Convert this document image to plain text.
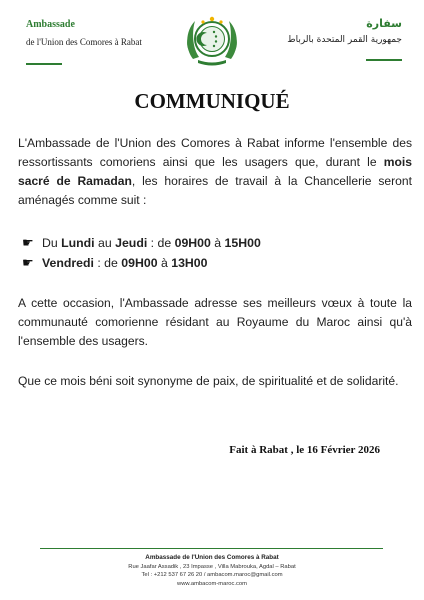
Ambassade
de l'Union des Comores à Rabat
سفارة
جمهورية القمر المتحدة بالرباط
COMMUNIQUÉ
L'Ambassade de l'Union des Comores à Rabat informe l'ensemble des ressortissants comoriens ainsi que les usagers que, durant le mois sacré de Ramadan, les horaires de travail à la Chancellerie seront aménagés comme suit :
☛ Du Lundi au Jeudi : de 09H00 à 15H00
☛ Vendredi : de 09H00 à 13H00
A cette occasion, l'Ambassade adresse ses meilleurs vœux à toute la communauté comorienne résidant au Royaume du Maroc ainsi qu'à l'ensemble des usagers.
Que ce mois béni soit synonyme de paix, de spiritualité et de solidarité.
Fait à Rabat , le 16 Février 2026
Ambassade de l'Union des Comores à Rabat
Rue Jaafar Assadik , 23 Impasse , Villa Mabrouka, Agdal – Rabat
Tel : +212 537 67 26 20 / ambacom.maroc@gmail.com
www.ambacom-maroc.com
